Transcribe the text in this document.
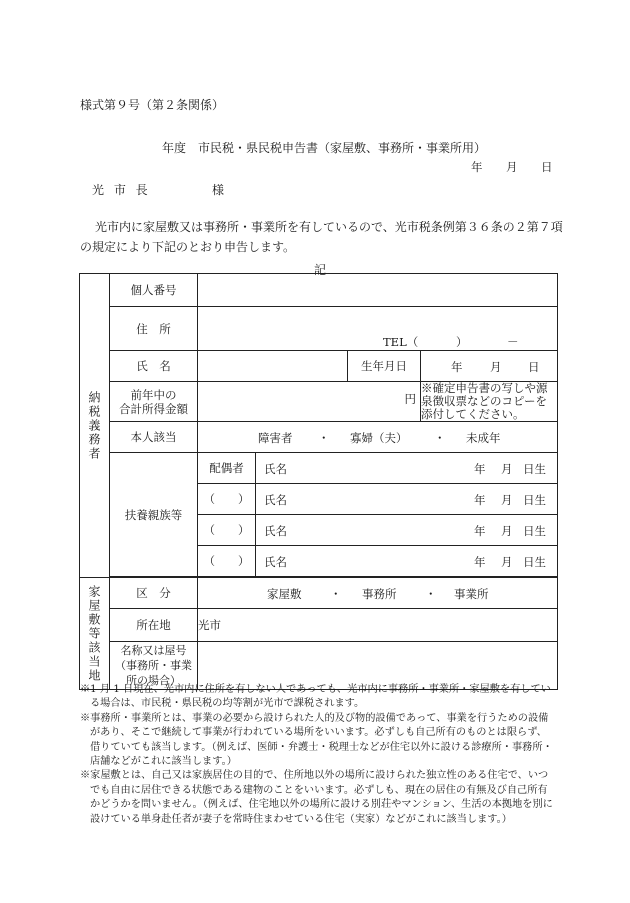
様式第９号（第２条関係）
年度　市民税・県民税申告書（家屋敷、事務所・事業所用）
年 月 日
光 市 長	様
光市内に家屋敷又は事務所・事業所を有しているので、光市税条例第３６条の２第７項
の規定により下記のとおり申告します。
記
納税義務者	個人番号				
	住　所	TEL（ ） －			

	氏　名			生年月日	年 月 日

	前年中の
合計所得金額	円			※確定申告書の写しや源泉徴収票などのコピーを添付してください。
	本人該当	障害者 ・ 寡婦（夫） ・ 未成年			

	扶養親族等	配偶者	氏名 年 月 日生		

		（　　）	氏名 年 月 日生		

		（　　）	氏名 年 月 日生		

		（　　）	氏名 年 月 日生		

家屋敷等該当地	区　分	家屋敷 ・ 事務所 ・ 事業所			

	所在地	光市			

	名称又は屋号
（事務所・事業
所の場合）				

※1 月 1 日現在、光市内に住所を有しない人であっても、光市内に事務所・事業所・家屋敷を有している場合は、市民税・県民税の均等割が光市で課税されます。

※事務所・事業所とは、事業の必要から設けられた人的及び物的設備であって、事業を行うための設備があり、そこで継続して事業が行われている場所をいいます。必ずしも自己所有のものとは限らず、借りていても該当します。（例えば、医師・弁護士・税理士などが住宅以外に設ける診療所・事務所・店舗などがこれに該当します。）

※家屋敷とは、自己又は家族居住の目的で、住所地以外の場所に設けられた独立性のある住宅で、いつでも自由に居住できる状態である建物のことをいいます。必ずしも、現在の居住の有無及び自己所有かどうかを問いません。（例えば、住宅地以外の場所に設ける別荘やマンション、生活の本拠地を別に設けている単身赴任者が妻子を常時住まわせている住宅（実家）などがこれに該当します。）
